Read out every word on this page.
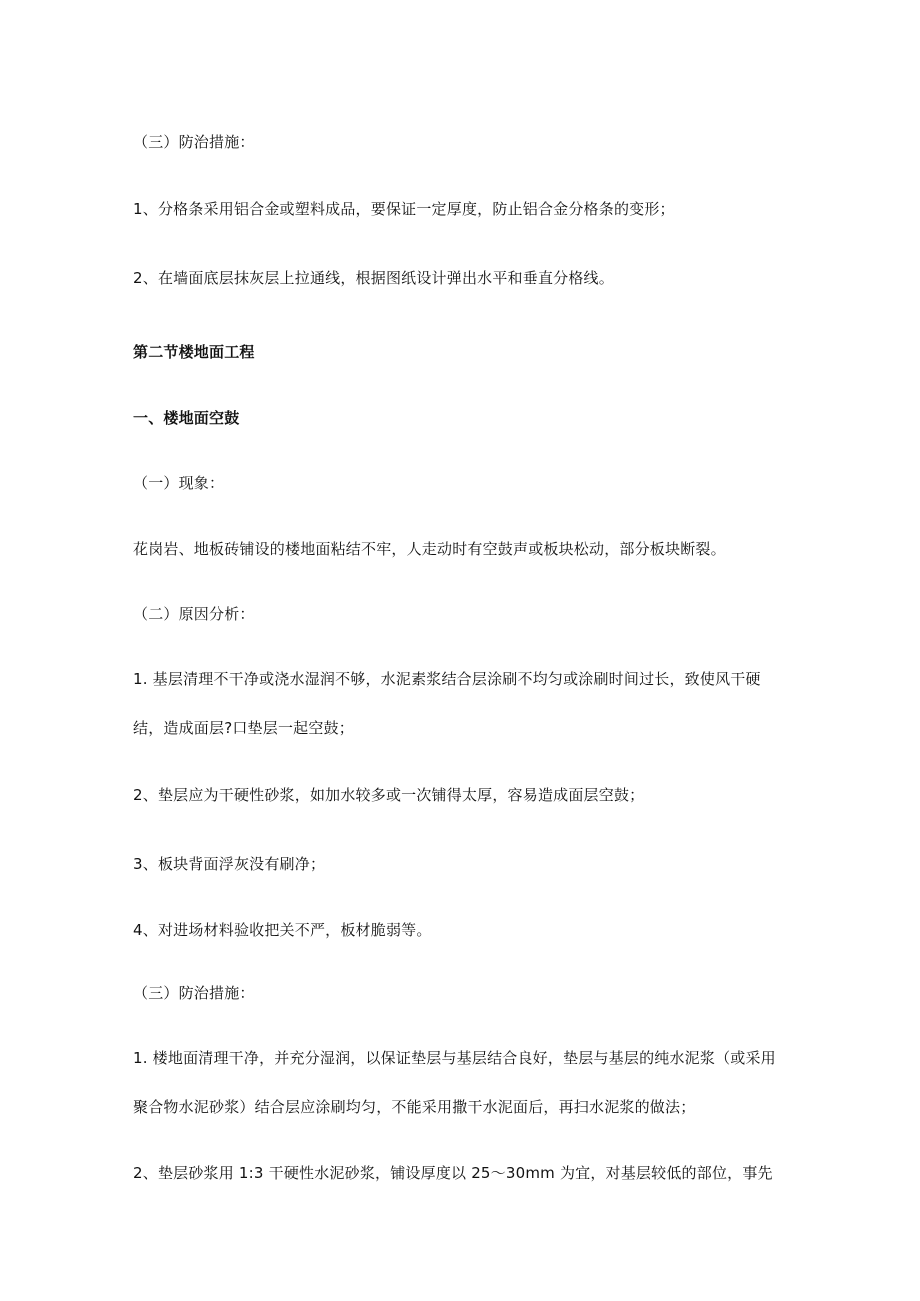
（三）防治措施：
1、分格条采用铝合金或塑料成品，要保证一定厚度，防止铝合金分格条的变形；
2、在墙面底层抹灰层上拉通线，根据图纸设计弹出水平和垂直分格线。
第二节楼地面工程
一、楼地面空鼓
（一）现象：
花岗岩、地板砖铺设的楼地面粘结不牢，人走动时有空鼓声或板块松动，部分板块断裂。
（二）原因分析：
1. 基层清理不干净或浇水湿润不够，水泥素浆结合层涂刷不均匀或涂刷时间过长，致使风干硬
结，造成面层?口垫层一起空鼓；
2、垫层应为干硬性砂浆，如加水较多或一次铺得太厚，容易造成面层空鼓；
3、板块背面浮灰没有刷净；
4、对进场材料验收把关不严，板材脆弱等。
（三）防治措施：
1. 楼地面清理干净，并充分湿润，以保证垫层与基层结合良好，垫层与基层的纯水泥浆（或采用
聚合物水泥砂浆）结合层应涂刷均匀，不能采用撒干水泥面后，再扫水泥浆的做法；
2、垫层砂浆用 1:3 干硬性水泥砂浆，铺设厚度以 25～30mm 为宜，对基层较低的部位，事先
